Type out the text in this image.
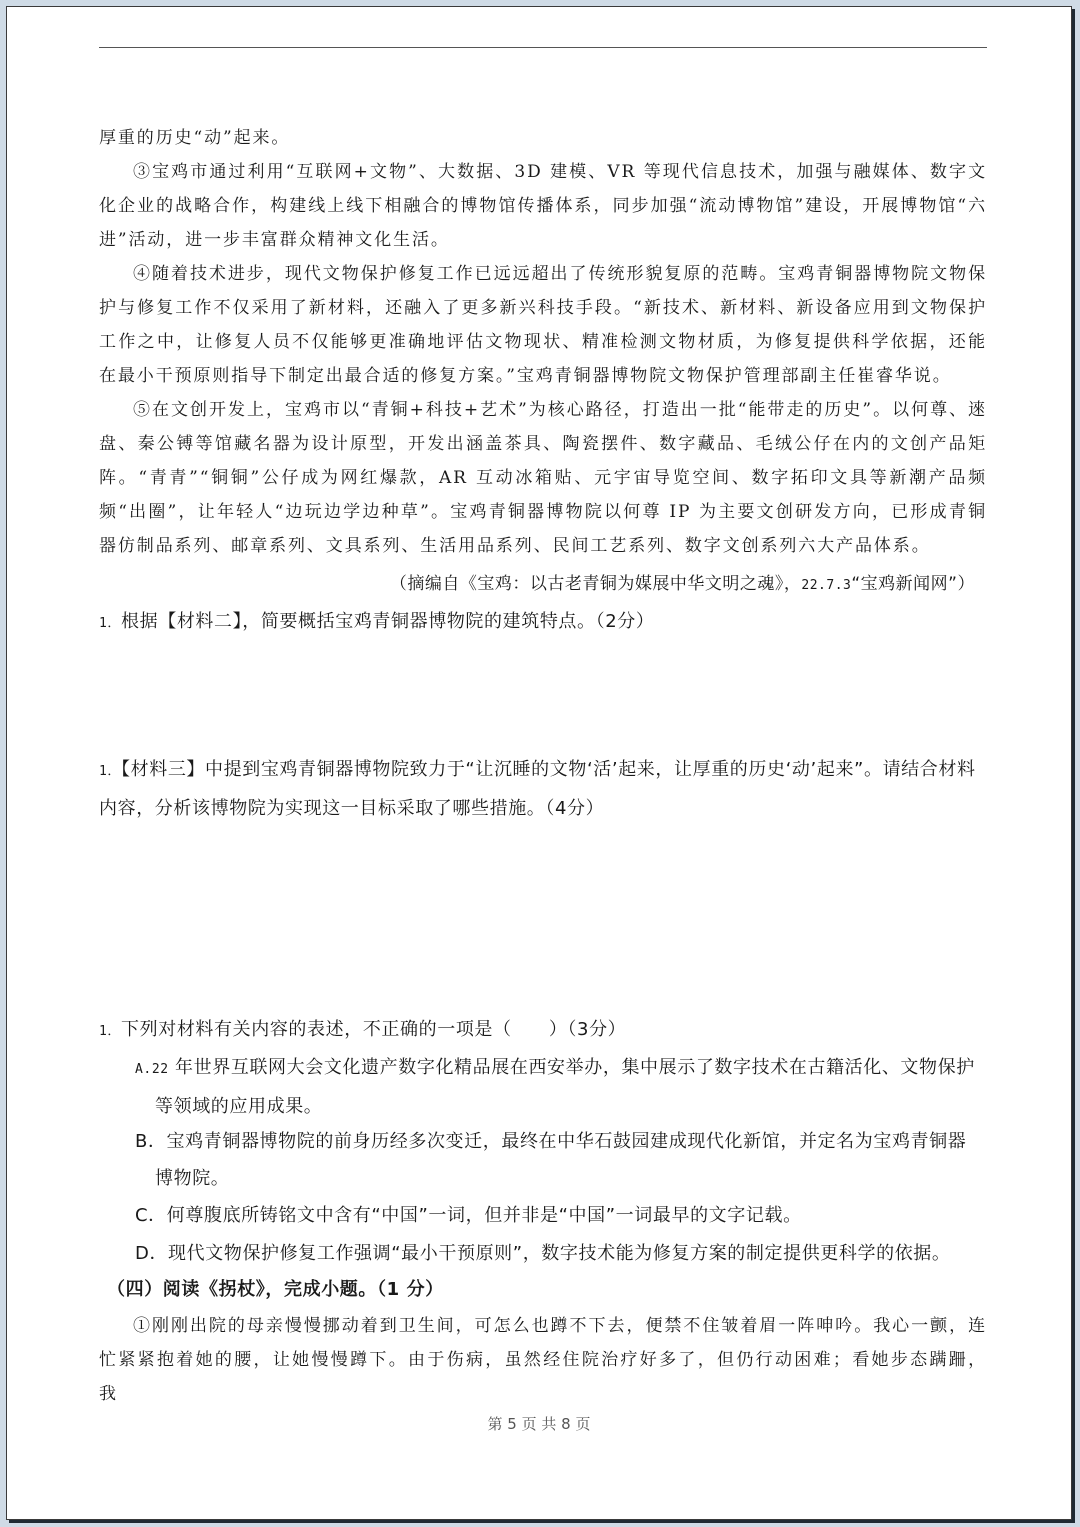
厚重的历史“动”起来。

③宝鸡市通过利用“互联网+文物”、大数据、3D 建模、VR 等现代信息技术，加强与融媒体、数字文化企业的战略合作，构建线上线下相融合的博物馆传播体系，同步加强“流动博物馆”建设，开展博物馆“六进”活动，进一步丰富群众精神文化生活。

④随着技术进步，现代文物保护修复工作已远远超出了传统形貌复原的范畴。宝鸡青铜器博物院文物保护与修复工作不仅采用了新材料，还融入了更多新兴科技手段。“新技术、新材料、新设备应用到文物保护工作之中，让修复人员不仅能够更准确地评估文物现状、精准检测文物材质，为修复提供科学依据，还能在最小干预原则指导下制定出最合适的修复方案。”宝鸡青铜器博物院文物保护管理部副主任崔睿华说。

⑤在文创开发上，宝鸡市以“青铜+科技+艺术”为核心路径，打造出一批“能带走的历史”。以何尊、逨盘、秦公镈等馆藏名器为设计原型，开发出涵盖茶具、陶瓷摆件、数字藏品、毛绒公仔在内的文创产品矩阵。“青青”“铜铜”公仔成为网红爆款，AR 互动冰箱贴、元宇宙导览空间、数字拓印文具等新潮产品频频“出圈”，让年轻人“边玩边学边种草”。宝鸡青铜器博物院以何尊 IP 为主要文创研发方向，已形成青铜器仿制品系列、邮章系列、文具系列、生活用品系列、民间工艺系列、数字文创系列六大产品体系。

（摘编自《宝鸡：以古老青铜为媒展中华文明之魂》，22.7.3“宝鸡新闻网”）

1．根据【材料二】，简要概括宝鸡青铜器博物院的建筑特点。（2分）

1．【材料三】中提到宝鸡青铜器博物院致力于“让沉睡的文物‘活’起来，让厚重的历史‘动’起来”。请结合材料内容，分析该博物院为实现这一目标采取了哪些措施。（4分）

1．下列对材料有关内容的表述，不正确的一项是（　　）（3分）

A.22 年世界互联网大会文化遗产数字化精品展在西安举办，集中展示了数字技术在古籍活化、文物保护
等领域的应用成果。

B．宝鸡青铜器博物院的前身历经多次变迁，最终在中华石鼓园建成现代化新馆，并定名为宝鸡青铜器
博物院。

C．何尊腹底所铸铭文中含有“中国”一词，但并非是“中国”一词最早的文字记载。

D．现代文物保护修复工作强调“最小干预原则”，数字技术能为修复方案的制定提供更科学的依据。

（四）阅读《拐杖》，完成小题。（1 分）

①刚刚出院的母亲慢慢挪动着到卫生间，可怎么也蹲不下去，便禁不住皱着眉一阵呻吟。我心一颤，连忙紧紧抱着她的腰，让她慢慢蹲下。由于伤病，虽然经住院治疗好多了，但仍行动困难；看她步态蹒跚，我

第 5 页 共 8 页
